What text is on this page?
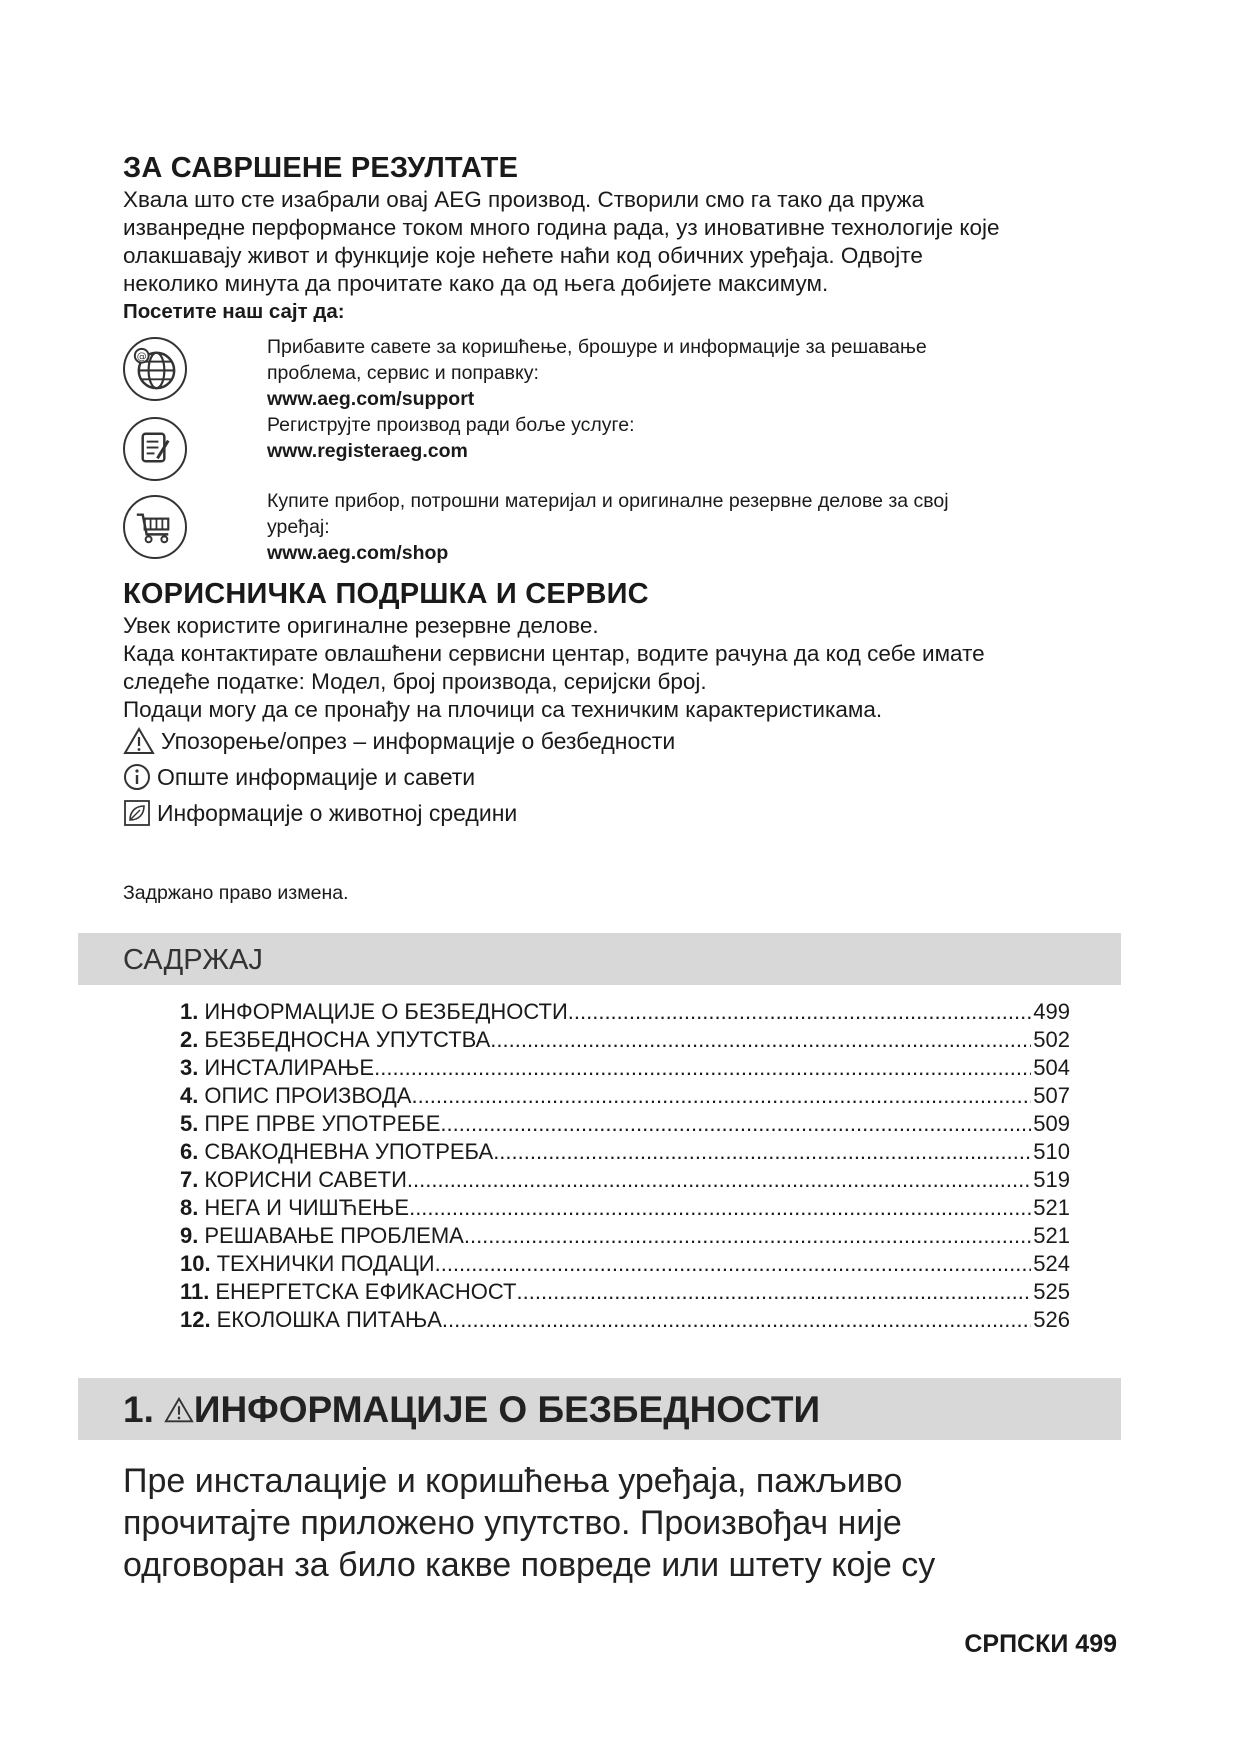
ЗА САВРШЕНЕ РЕЗУЛТАТЕ
Хвала што сте изабрали овај AEG производ. Створили смо га тако да пружа
изванредне перформансе током много година рада, уз иновативне технологије које
олакшавају живот и функције које нећете наћи код обичних уређаја. Одвојте
неколико минута да прочитате како да од њега добијете максимум.
Посетите наш сајт да:
@	Прибавите савете за коришћење, брошуре и информације за решавање
проблема, сервис и поправку:
www.aeg.com/support
Региструјте производ ради боље услуге:
www.registeraeg.com
Купите прибор, потрошни материјал и оригиналне резервне делове за свој
уређај:
www.aeg.com/shop
КОРИСНИЧКА ПОДРШКА И СЕРВИС
Увек користите оригиналне резервне делове.
Када контактирате овлашћени сервисни центар, водите рачуна да код себе имате
следеће податке: Модел, број производа, серијски број.
Подаци могу да се пронађу на плочици са техничким карактеристикама.
Упозорење/опрез – информације о безбедности
Опште информације и савети
Информације о животној средини
Задржано право измена.
САДРЖАЈ
1. ИНФОРМАЦИЈЕ О БЕЗБЕДНОСТИ .....	499
2. БЕЗБЕДНОСНА УПУТСТВА .....	502
3. ИНСТАЛИРАЊЕ .....	504
4. ОПИС ПРОИЗВОДА .....	507
5. ПРЕ ПРВЕ УПОТРЕБЕ .....	509
6. СВАКОДНЕВНА УПОТРЕБА .....	510
7. КОРИСНИ САВЕТИ .....	519
8. НЕГА И ЧИШЋЕЊЕ .....	521
9. РЕШАВАЊЕ ПРОБЛЕМА .....	521
10. ТЕХНИЧКИ ПОДАЦИ .....	524
11. ЕНЕРГЕТСКА ЕФИКАСНОСТ .....	525
12. ЕКОЛОШКА ПИТАЊА .....	526
1. ИНФОРМАЦИЈЕ О БЕЗБЕДНОСТИ
Пре инсталације и коришћења уређаја, пажљиво
прочитајте приложено упутство. Произвођач није
одговоран за било какве повреде или штету које су
СРПСКИ 499
